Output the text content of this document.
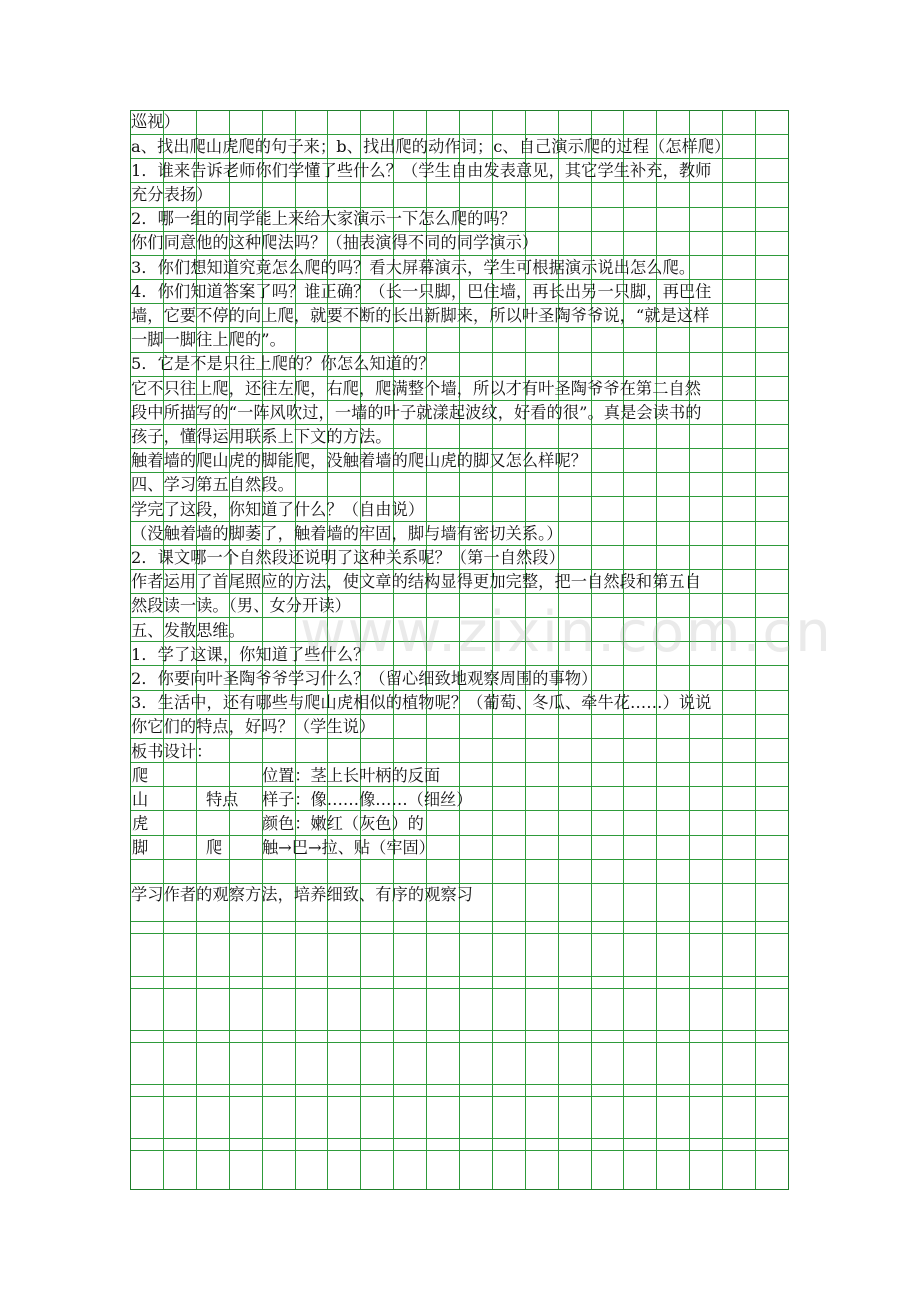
巡视）
a、找出爬山虎爬的句子来；b、找出爬的动作词；c、自己演示爬的过程（怎样爬）
1．谁来告诉老师你们学懂了些什么？（学生自由发表意见，其它学生补充，教师
充分表扬）
2．哪一组的同学能上来给大家演示一下怎么爬的吗？
你们同意他的这种爬法吗？（抽表演得不同的同学演示）
3．你们想知道究竟怎么爬的吗？看大屏幕演示，学生可根据演示说出怎么爬。
4．你们知道答案了吗？谁正确？（长一只脚，巴住墙，再长出另一只脚，再巴住
墙，它要不停的向上爬，就要不断的长出新脚来，所以叶圣陶爷爷说，“就是这样
一脚一脚往上爬的”。
5．它是不是只往上爬的？你怎么知道的？
它不只往上爬，还往左爬，右爬，爬满整个墙，所以才有叶圣陶爷爷在第二自然
段中所描写的“一阵风吹过，一墙的叶子就漾起波纹，好看的很”。真是会读书的
孩子，懂得运用联系上下文的方法。
触着墙的爬山虎的脚能爬，没触着墙的爬山虎的脚又怎么样呢？
四、学习第五自然段。
学完了这段，你知道了什么？（自由说）
（没触着墙的脚萎了，触着墙的牢固，脚与墙有密切关系。）
2．课文哪一个自然段还说明了这种关系呢？（第一自然段）
作者运用了首尾照应的方法，使文章的结构显得更加完整，把一自然段和第五自
然段读一读。（男、女分开读）
五、发散思维。
1．学了这课，你知道了些什么？
2．你要向叶圣陶爷爷学习什么？（留心细致地观察周围的事物）
3．生活中，还有哪些与爬山虎相似的植物呢？（葡萄、冬瓜、牵牛花……）说说
你它们的特点，好吗？（学生说）
板书设计：
爬
山
虎
脚
特点
爬
位置：茎上长叶柄的反面
样子：像……像……（细丝）
颜色：嫩红（灰色）的
触→巴→拉、贴（牢固）
学习作者的观察方法，培养细致、有序的观察习
www.zixin.com.cn
